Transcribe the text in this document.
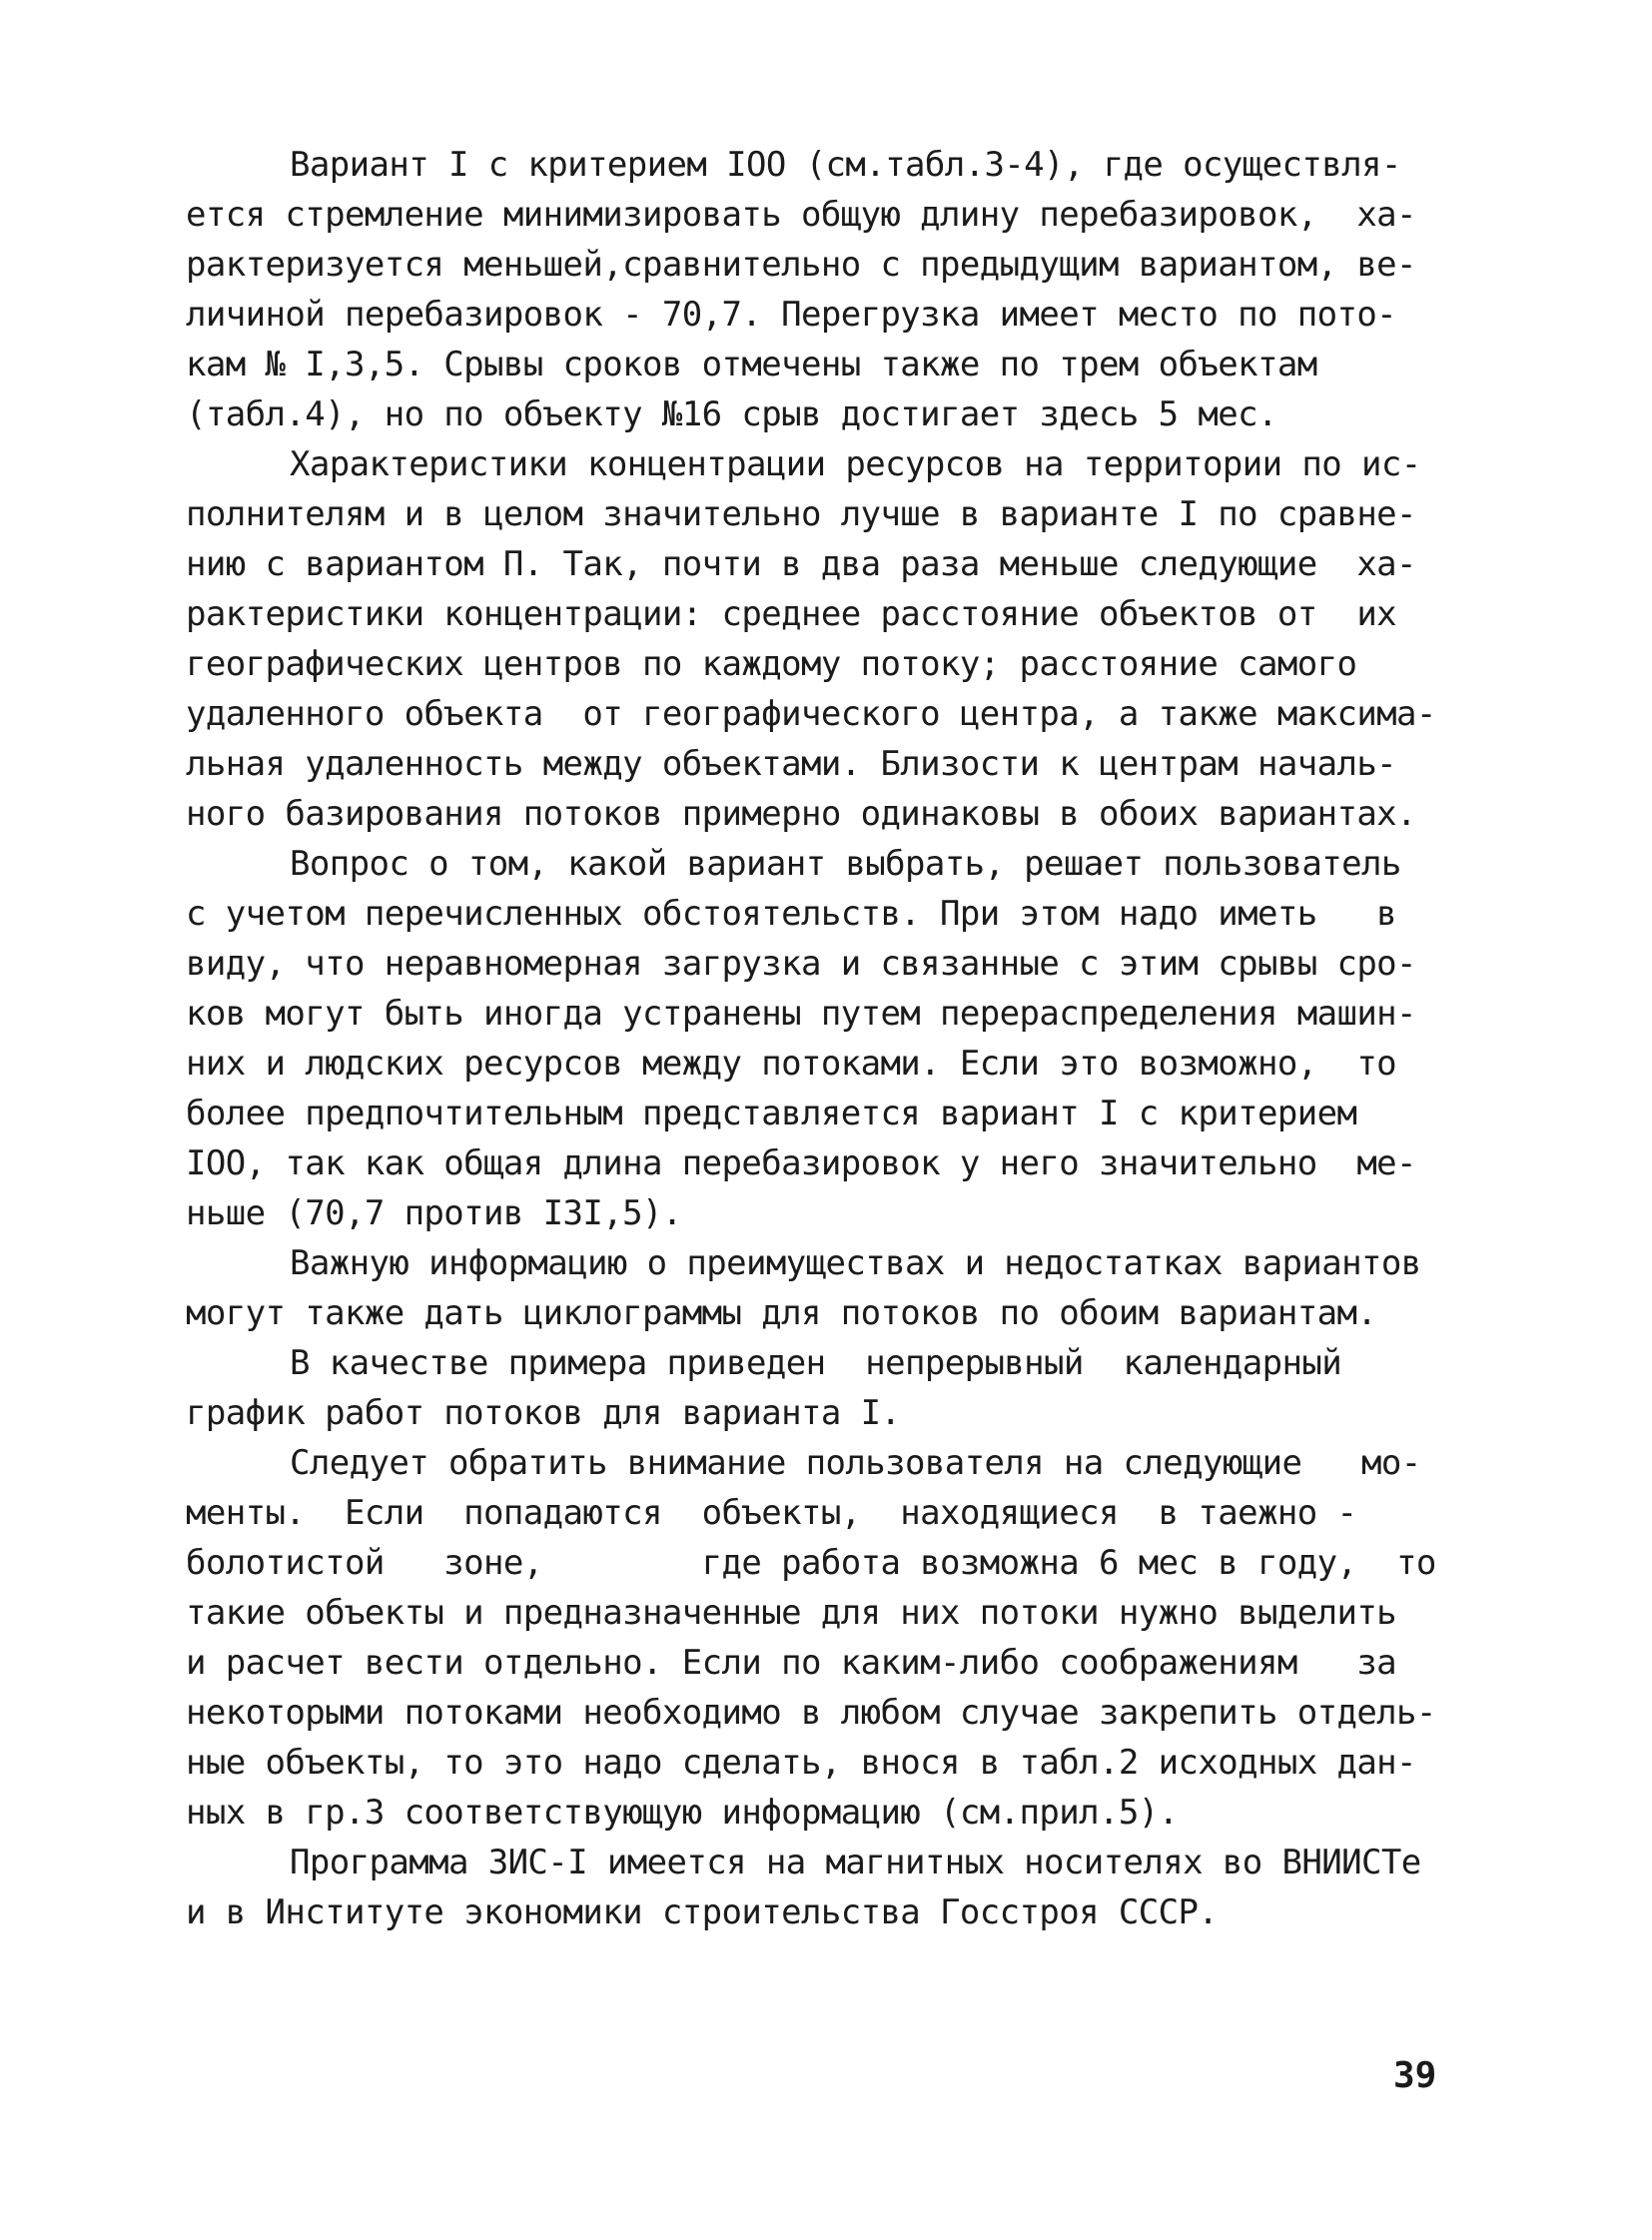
Вариант I с критерием IOO (см.табл.3-4), где осуществля-
ется стремление минимизировать общую длину перебазировок,  ха-
рактеризуется меньшей,сравнительно с предыдущим вариантом, ве-
личиной перебазировок - 70,7. Перегрузка имеет место по пото-
кам № I,3,5. Срывы сроков отмечены также по трем объектам
(табл.4), но по объекту №16 срыв достигает здесь 5 мес.

Характеристики концентрации ресурсов на территории по ис-
полнителям и в целом значительно лучше в варианте I по сравне-
нию с вариантом П. Так, почти в два раза меньше следующие  ха-
рактеристики концентрации: среднее расстояние объектов от  их
географических центров по каждому потоку; расстояние самого
удаленного объекта  от географического центра, а также максима-
льная удаленность между объектами. Близости к центрам началь-
ного базирования потоков примерно одинаковы в обоих вариантах.

Вопрос о том, какой вариант выбрать, решает пользователь
с учетом перечисленных обстоятельств. При этом надо иметь   в
виду, что неравномерная загрузка и связанные с этим срывы сро-
ков могут быть иногда устранены путем перераспределения машин-
них и людских ресурсов между потоками. Если это возможно,  то
более предпочтительным представляется вариант I с критерием
IOO, так как общая длина перебазировок у него значительно  ме-
ньше (70,7 против I3I,5).

Важную информацию о преимуществах и недостатках вариантов
могут также дать циклограммы для потоков по обоим вариантам.

В качестве примера приведен  непрерывный  календарный
график работ потоков для варианта I.

Следует обратить внимание пользователя на следующие   мо-
менты.  Если  попадаются  объекты,  находящиеся  в таежно -
болотистой   зоне,        где работа возможна 6 мес в году,  то
такие объекты и предназначенные для них потоки нужно выделить
и расчет вести отдельно. Если по каким-либо соображениям   за
некоторыми потоками необходимо в любом случае закрепить отдель-
ные объекты, то это надо сделать, внося в табл.2 исходных дан-
ных в гр.3 соответствующую информацию (см.прил.5).

Программа ЗИС-I имеется на магнитных носителях во ВНИИСТе
и в Институте экономики строительства Госстроя СССР.

39
